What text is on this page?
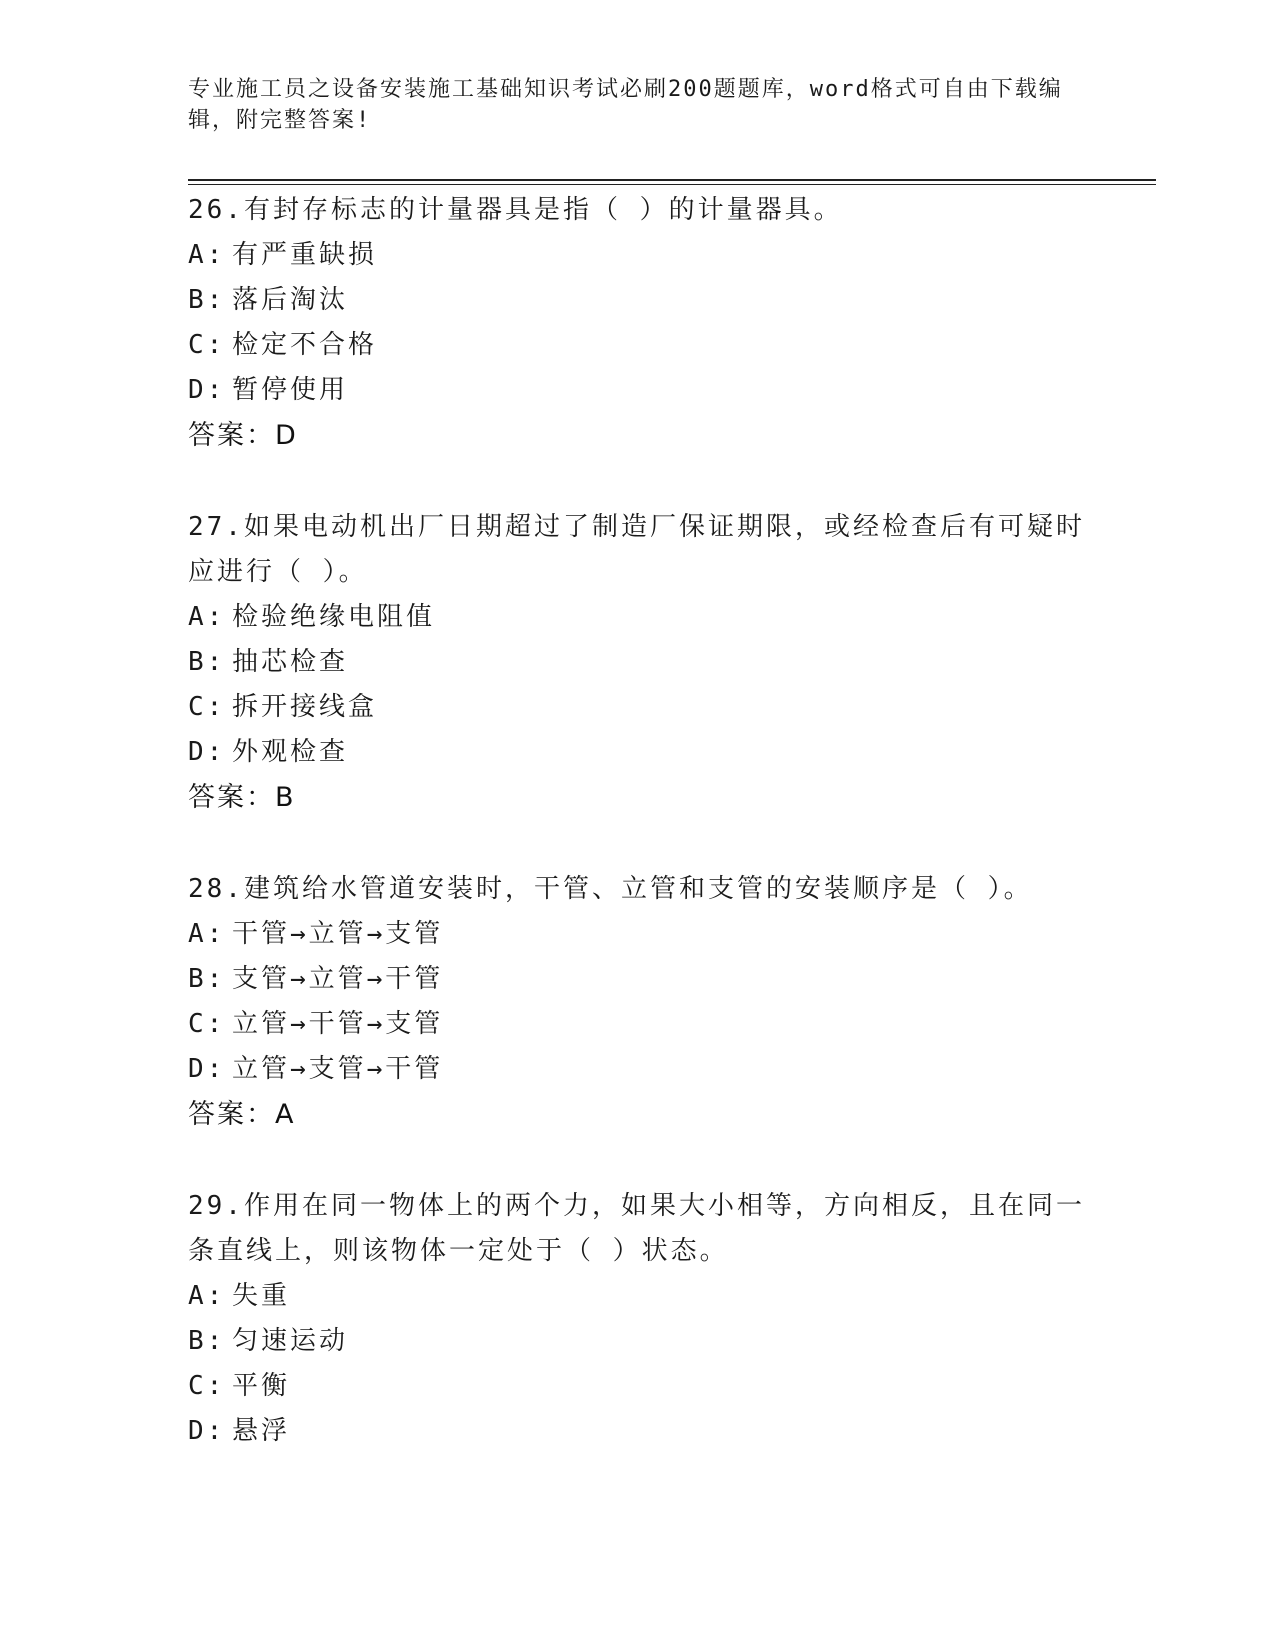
专业施工员之设备安装施工基础知识考试必刷200题题库，word格式可自由下载编辑，附完整答案!

26.有封存标志的计量器具是指（ ）的计量器具。

A: 有严重缺损

B: 落后淘汰

C: 检定不合格

D: 暂停使用

答案：D

27.如果电动机出厂日期超过了制造厂保证期限，或经检查后有可疑时应进行（ ）。

A: 检验绝缘电阻值

B: 抽芯检查

C: 拆开接线盒

D: 外观检查

答案：B

28.建筑给水管道安装时，干管、立管和支管的安装顺序是（ ）。

A: 干管→立管→支管

B: 支管→立管→干管

C: 立管→干管→支管

D: 立管→支管→干管

答案：A

29.作用在同一物体上的两个力，如果大小相等，方向相反，且在同一条直线上，则该物体一定处于（ ）状态。

A: 失重

B: 匀速运动

C: 平衡

D: 悬浮
